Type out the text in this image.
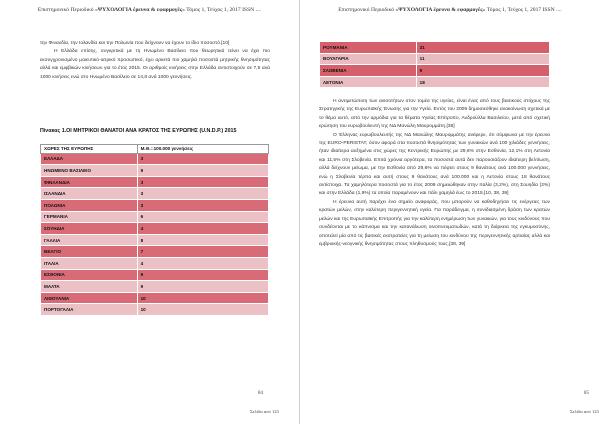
Επιστημονικό Περιοδικό «ΨΥΧΟΛΟΓΙΑ έρευνα & εφαρμογές» Τόμος 1, Τεύχος 1, 2017 ISSN ....

την Φινανδία, την Ιολανδία και την Πολωνία που δείχνουν να έχουν το ίδιο ποσοστό.[10]

Η Ελλάδα επίσης, συγκριτικά με τη Ηνωμένο Βασίλειο που θεωρητικά τείνει να έχει πιο εκσυγχρονισμένο μαιευτικό-ιατρικό προσωπικό, έχει αρκετά πιο χαμηλά ποσοστά μητρικής θνησιμότητας αλλά και εμφβικών κινήσεων για το έτος 2015. Οι αριθμοίς κινήσεις στην Ελλάδα αντιστοιχούν σε 7,5 ανά 1000 κινήσεις ενώ στο Ηνωμένο Βασίλειο σε 14,8 ανά 1000 γεννήσεις.

Πίνακας 1.ΟΙ ΜΗΤΡΙΚΟΙ ΘΑΝΑΤΟΙ ΑΝΑ ΚΡΑΤΟΣ ΤΗΣ ΕΥΡΩΠΗΣ (U.N.D.P.) 2015
ΧΩΡΕΣ ΤΗΣ ΕΥΡΩΠΗΣ	Μ.Θ.::100.000 γεννήσεις
ΕΛΛΑΔΑ	3
ΗΝΩΜΕΝΟ ΒΑΣΙΛΕΙΟ	9
ΦΙΝΛΑΝΔΙΑ	3
ΙΣΛΑΝΔΙΑ	3
ΠΟΛΩΝΙΑ	3
ΓΕΡΜΑΝΙΑ	6
ΣΟΥΗΔΙΑ	4
ΓΑΛΛΙΑ	8
ΒΕΛΓΙΟ	7
ΙΤΑΛΙΑ	4
ΕΣΘΟΝΙΑ	9
ΜΑΛΤΑ	9
ΛΙΘΟΥΑΝΙΑ	10
ΠΟΡΤΟΓΑΛΙΑ	10
84
Σελίδα από 123
Επιστημονικό Περιοδικό «ΨΥΧΟΛΟΓΙΑ έρευνα & εφαρμογές» Τόμος 1, Τεύχος 1, 2017 ISSN ....
ΡΟΥΜΑΝΙΑ	31
ΒΟΥΛΓΑΡΙΑ	11
ΣΛΟΒΕΝΙΑ	9
ΛΕΤΟΝΙΑ	18

Η αντιμετώπιση των ανισοτήτων στον τομέα της υγείας, είναι ένας από τους βασικούς στόχους της Στρατηγικής της Ευρωπαϊκής Ένωσης για την Υγεία. Εντός του 2009 δημοσιεύθηκε ανακοίνωση σχετικά με το θέμα αυτό, από την αρμόδια για τα θέματα Υγείας Επίτροπο, Ανδρούλλα Βασιλείου, μετά από σχετική ερώτηση του ευρωβουλευτή της ΝΔ Μανώλη Μαυρομμάτη.[38]

Ο Έλληνας ευρωβουλευτής της ΝΔ Μανώλης Μαυρομμάτης ανέφερε, ότι σύμφωνα με την έρευνα της EURO-PERISTAT, όσον αφορά στα ποσοστά θνησιμότητας των γυναικών ανά 100 χιλιάδες γεννήσεις, ήταν ιδιαίτερα αυξημένα στις χώρες της Κεντρικής Ευρώπης με 29,6% στην Εσθονία, 12,1% στη Λετονία και 11,5% στη Σλοβενία. Επιτά χρόνια αργότερα, τα ποσοστά αυτά δεν παρουσιάζουν ιδιαίτερη βελτίωση, αλλά δείχνουν μείωμα, με την Εσθονία από 29,6% να πέφτει στους 9 θανάτους ανά 100.000 γεννήσεις, ενώ η Σλοβενία τέρπα και αυτή στους 9 θανάτους ανά 100.000 και η Λετονία στους 18 θανάτους αντίστοιχα. Τα χαμηλότερα ποσοστά για το έτος 2008 σημειώθηκαν στην Ιταλία (3,2%), στη Σουηδία (2%) και στην Ελλάδα (1,9%) τα οποία παραμένουν και πάλι χαμηλά έως το 2015.[10, 38, 39]

Η έρευνα αυτή παρέχει ένα σημείο αναφοράς, που μπορούν να καθοδηγήσει τις ενέργειες των κρατών μελών, στην καλύτερη περιγεννητική υγεία. Για παράδειγμα, η συνιδιασμένη δράση των κρατών μελών και της Ευρωπαϊκής Επιτροπής για την καλύτερη ενημέρωση των γυναικών, για τους κινδύνους που συνδέονται με το κάπνισμα και την κατανάλωση οινοπνευματωδών, κατά τη διάρκεια της εγκυμοσύνης, αποτελεί μία από τις βασικές εκστρατείες για τη μείωση του κινδύνου της περιγεννητικής αρτιαίας αλλά και εμβρυικής-νεογνικής θνησιμότητας στους πληθυσμούς τους.[38, 39]

85
Σελίδα από 123
